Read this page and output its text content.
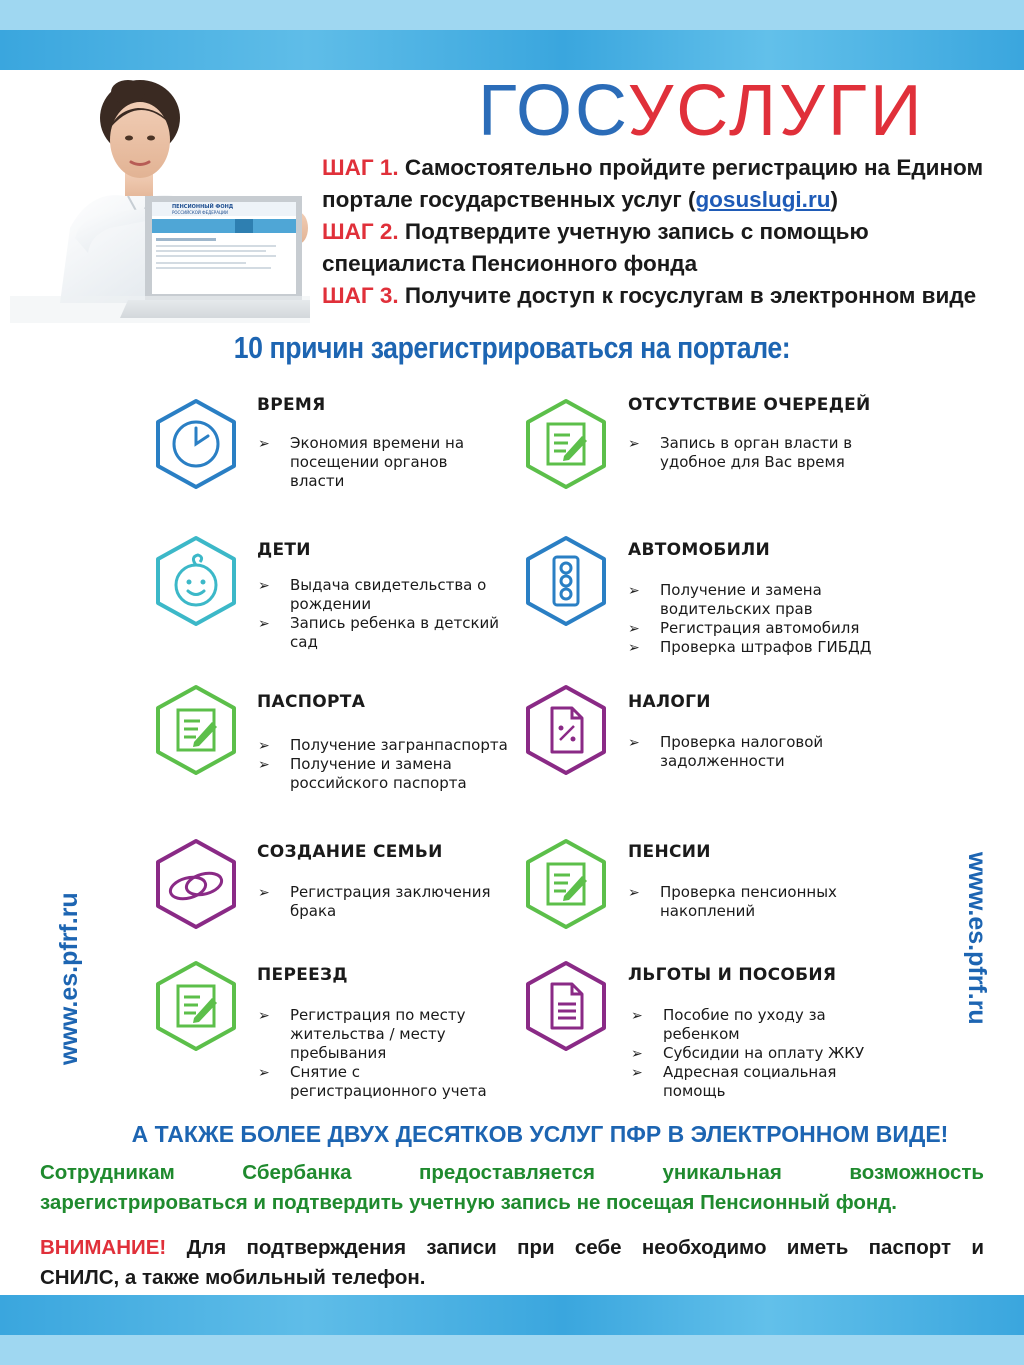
ГОСУСЛУГИ
ПЕНСИОННЫЙ ФОНД
РОССИЙСКОЙ ФЕДЕРАЦИИ
ШАГ 1. Самостоятельно пройдите регистрацию на Едином
портале государственных услуг (gosuslugi.ru)
ШАГ 2. Подтвердите учетную запись с помощью
специалиста Пенсионного фонда
ШАГ 3. Получите доступ к госуслугам в электронном виде
10 причин зарегистрироваться на портале:
ВРЕМЯ
➢ Экономия времени на посещении органов власти
ОТСУТСТВИЕ ОЧЕРЕДЕЙ
➢ Запись в орган власти в удобное для Вас время
ДЕТИ
➢ Выдача свидетельства о рождении
➢ Запись ребенка в детский сад
АВТОМОБИЛИ
➢ Получение и замена водительских прав
➢ Регистрация автомобиля
➢ Проверка штрафов ГИБДД
ПАСПОРТА
➢ Получение загранпаспорта
➢ Получение и замена российского паспорта
НАЛОГИ
➢ Проверка налоговой задолженности
СОЗДАНИЕ СЕМЬИ
➢ Регистрация заключения брака
ПЕНСИИ
➢ Проверка пенсионных накоплений
ПЕРЕЕЗД
➢ Регистрация по месту жительства / месту пребывания
➢ Снятие с регистрационного учета
ЛЬГОТЫ И ПОСОБИЯ
➢ Пособие по уходу за ребенком
➢ Субсидии на оплату ЖКУ
➢ Адресная социальная помощь
www.es.pfrf.ru	www.es.pfrf.ru
А ТАКЖЕ БОЛЕЕ ДВУХ ДЕСЯТКОВ УСЛУГ ПФР В ЭЛЕКТРОННОМ ВИДЕ!
Сотрудникам Сбербанка предоставляется уникальная возможность
зарегистрироваться и подтвердить учетную запись не посещая Пенсионный фонд.
ВНИМАНИЕ! Для подтверждения записи при себе необходимо иметь паспорт и
СНИЛС, а также мобильный телефон.
